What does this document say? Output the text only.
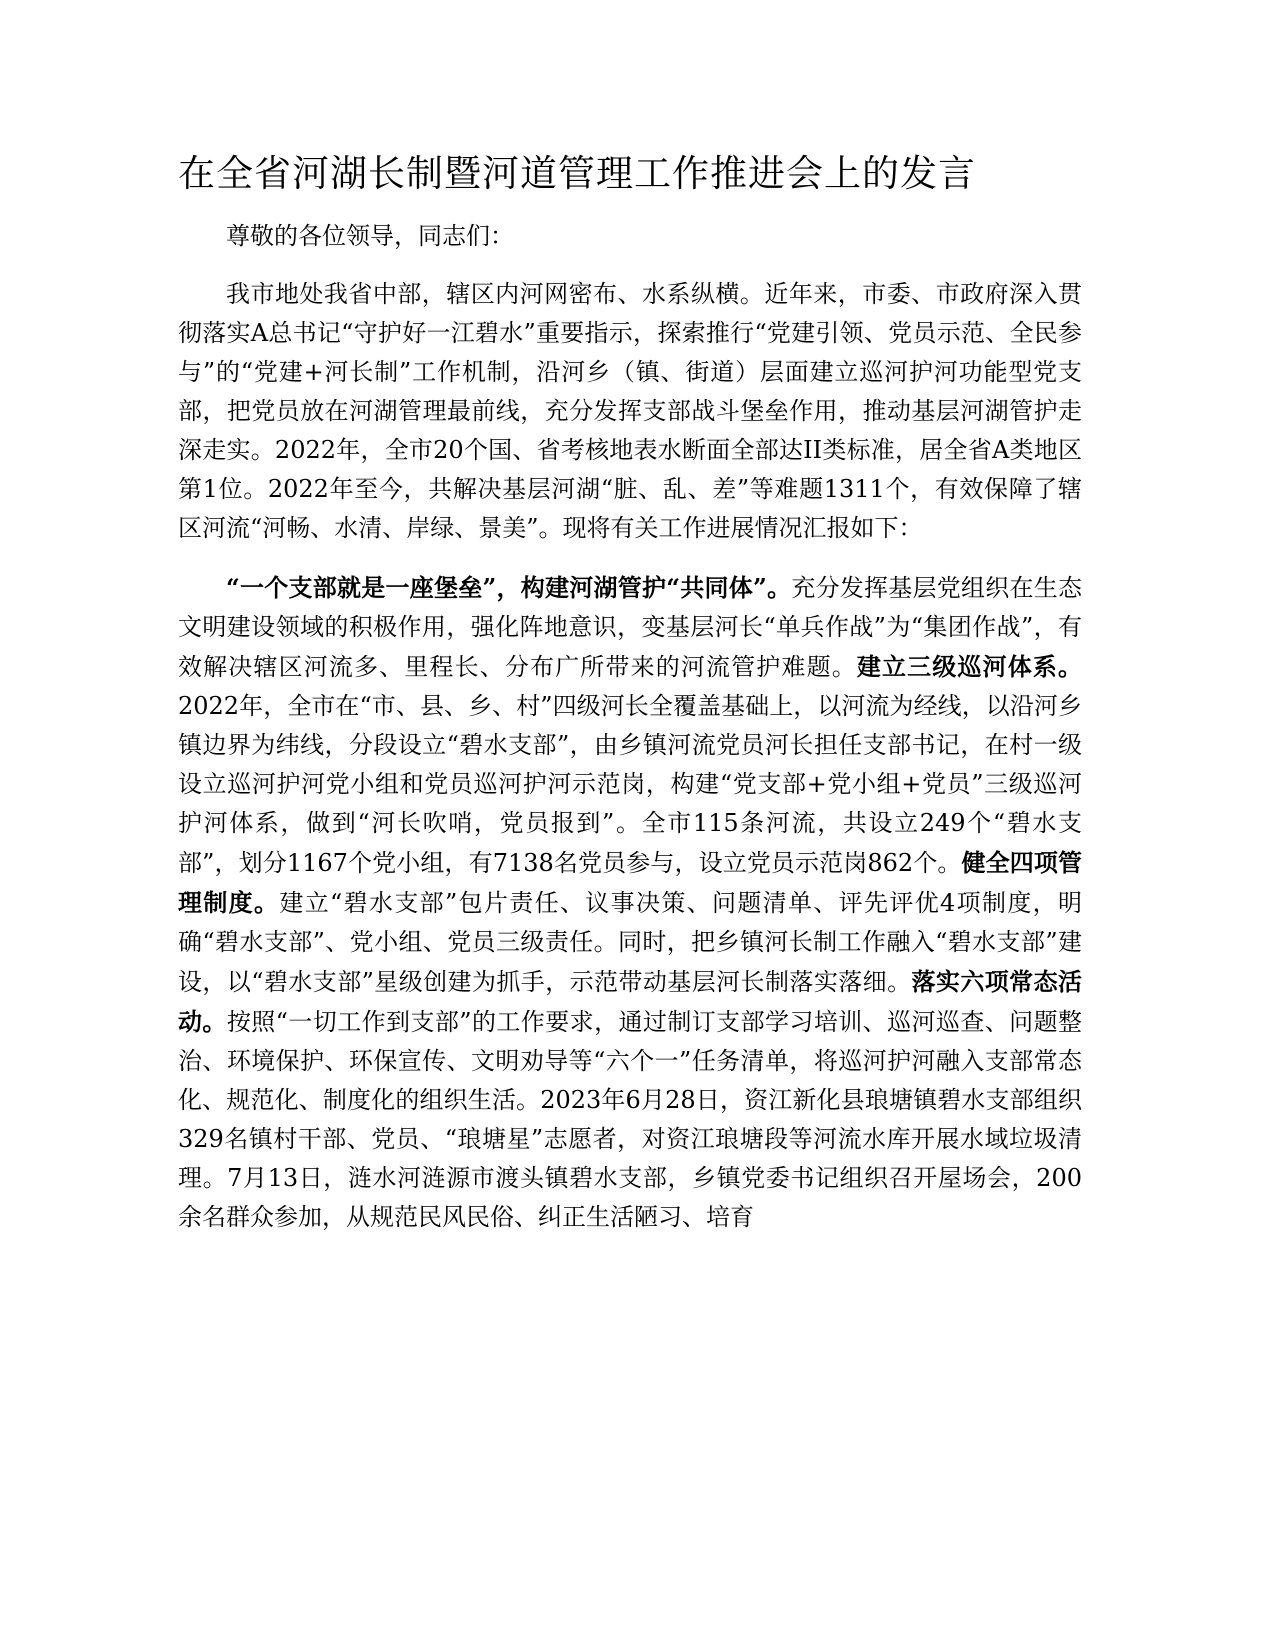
在全省河湖长制暨河道管理工作推进会上的发言

尊敬的各位领导，同志们：

我市地处我省中部，辖区内河网密布、水系纵横。近年来，市委、市政府深入贯彻落实A总书记“守护好一江碧水”重要指示，探索推行“党建引领、党员示范、全民参与”的“党建+河长制”工作机制，沿河乡（镇、街道）层面建立巡河护河功能型党支部，把党员放在河湖管理最前线，充分发挥支部战斗堡垒作用，推动基层河湖管护走深走实。2022年，全市20个国、省考核地表水断面全部达II类标准，居全省A类地区第1位。2022年至今，共解决基层河湖“脏、乱、差”等难题1311个，有效保障了辖区河流“河畅、水清、岸绿、景美”。现将有关工作进展情况汇报如下：

“一个支部就是一座堡垒”，构建河湖管护“共同体”。充分发挥基层党组织在生态文明建设领域的积极作用，强化阵地意识，变基层河长“单兵作战”为“集团作战”，有效解决辖区河流多、里程长、分布广所带来的河流管护难题。建立三级巡河体系。2022年，全市在“市、县、乡、村”四级河长全覆盖基础上，以河流为经线，以沿河乡镇边界为纬线，分段设立“碧水支部”，由乡镇河流党员河长担任支部书记，在村一级设立巡河护河党小组和党员巡河护河示范岗，构建“党支部+党小组+党员”三级巡河护河体系，做到“河长吹哨，党员报到”。全市115条河流，共设立249个“碧水支部”，划分1167个党小组，有7138名党员参与，设立党员示范岗862个。健全四项管理制度。建立“碧水支部”包片责任、议事决策、问题清单、评先评优4项制度，明确“碧水支部”、党小组、党员三级责任。同时，把乡镇河长制工作融入“碧水支部”建设，以“碧水支部”星级创建为抓手，示范带动基层河长制落实落细。落实六项常态活动。按照“一切工作到支部”的工作要求，通过制订支部学习培训、巡河巡查、问题整治、环境保护、环保宣传、文明劝导等“六个一”任务清单，将巡河护河融入支部常态化、规范化、制度化的组织生活。2023年6月28日，资江新化县琅塘镇碧水支部组织329名镇村干部、党员、“琅塘星”志愿者，对资江琅塘段等河流水库开展水域垃圾清理。7月13日，涟水河涟源市渡头镇碧水支部，乡镇党委书记组织召开屋场会，200余名群众参加，从规范民风民俗、纠正生活陋习、培育
